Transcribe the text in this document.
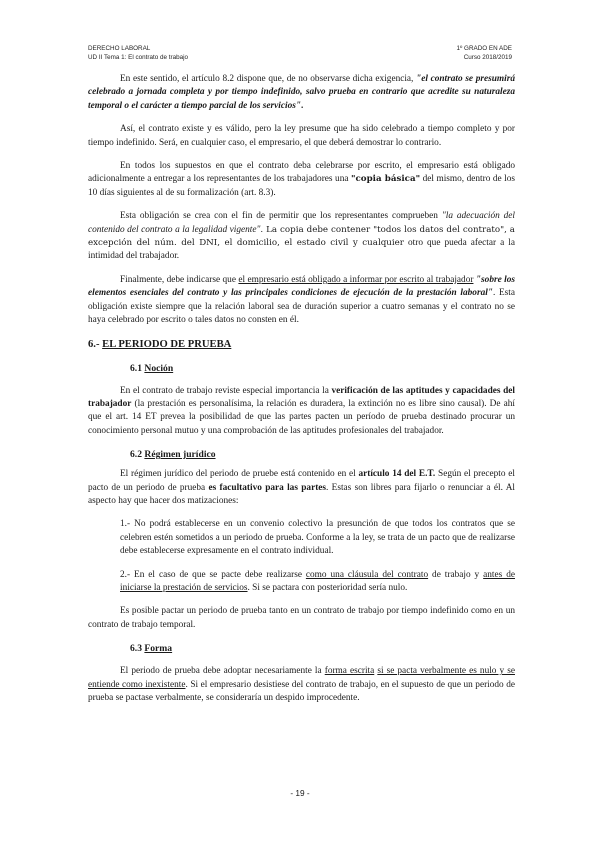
DERECHO LABORAL
UD II Tema 1: El contrato de trabajo
1º GRADO EN ADE
Curso 2018/2019

En este sentido, el artículo 8.2 dispone que, de no observarse dicha exigencia, "el contrato se presumirá celebrado a jornada completa y por tiempo indefinido, salvo prueba en contrario que acredite su naturaleza temporal o el carácter a tiempo parcial de los servicios".

Así, el contrato existe y es válido, pero la ley presume que ha sido celebrado a tiempo completo y por tiempo indefinido. Será, en cualquier caso, el empresario, el que deberá demostrar lo contrario.

En todos los supuestos en que el contrato deba celebrarse por escrito, el empresario está obligado adicionalmente a entregar a los representantes de los trabajadores una "copia básica" del mismo, dentro de los 10 días siguientes al de su formalización (art. 8.3).

Esta obligación se crea con el fin de permitir que los representantes comprueben "la adecuación del contenido del contrato a la legalidad vigente". La copia debe contener "todos los datos del contrato", a excepción del núm. del DNI, el domicilio, el estado civil y cualquier otro que pueda afectar a la intimidad del trabajador.

Finalmente, debe indicarse que el empresario está obligado a informar por escrito al trabajador "sobre los elementos esenciales del contrato y las principales condiciones de ejecución de la prestación laboral". Esta obligación existe siempre que la relación laboral sea de duración superior a cuatro semanas y el contrato no se haya celebrado por escrito o tales datos no consten en él.

6.- EL PERIODO DE PRUEBA
6.1 Noción

En el contrato de trabajo reviste especial importancia la verificación de las aptitudes y capacidades del trabajador (la prestación es personalísima, la relación es duradera, la extinción no es libre sino causal). De ahí que el art. 14 ET prevea la posibilidad de que las partes pacten un período de prueba destinado procurar un conocimiento personal mutuo y una comprobación de las aptitudes profesionales del trabajador.

6.2 Régimen jurídico

El régimen jurídico del periodo de pruebe está contenido en el artículo 14 del E.T. Según el precepto el pacto de un periodo de prueba es facultativo para las partes. Estas son libres para fijarlo o renunciar a él. Al aspecto hay que hacer dos matizaciones:

1.- No podrá establecerse en un convenio colectivo la presunción de que todos los contratos que se celebren estén sometidos a un periodo de prueba. Conforme a la ley, se trata de un pacto que de realizarse debe establecerse expresamente en el contrato individual.

2.- En el caso de que se pacte debe realizarse como una cláusula del contrato de trabajo y antes de iniciarse la prestación de servicios. Si se pactara con posterioridad sería nulo.

Es posible pactar un periodo de prueba tanto en un contrato de trabajo por tiempo indefinido como en un contrato de trabajo temporal.

6.3 Forma

El periodo de prueba debe adoptar necesariamente la forma escrita si se pacta verbalmente es nulo y se entiende como inexistente. Si el empresario desistiese del contrato de trabajo, en el supuesto de que un periodo de prueba se pactase verbalmente, se consideraría un despido improcedente.

- 19 -
